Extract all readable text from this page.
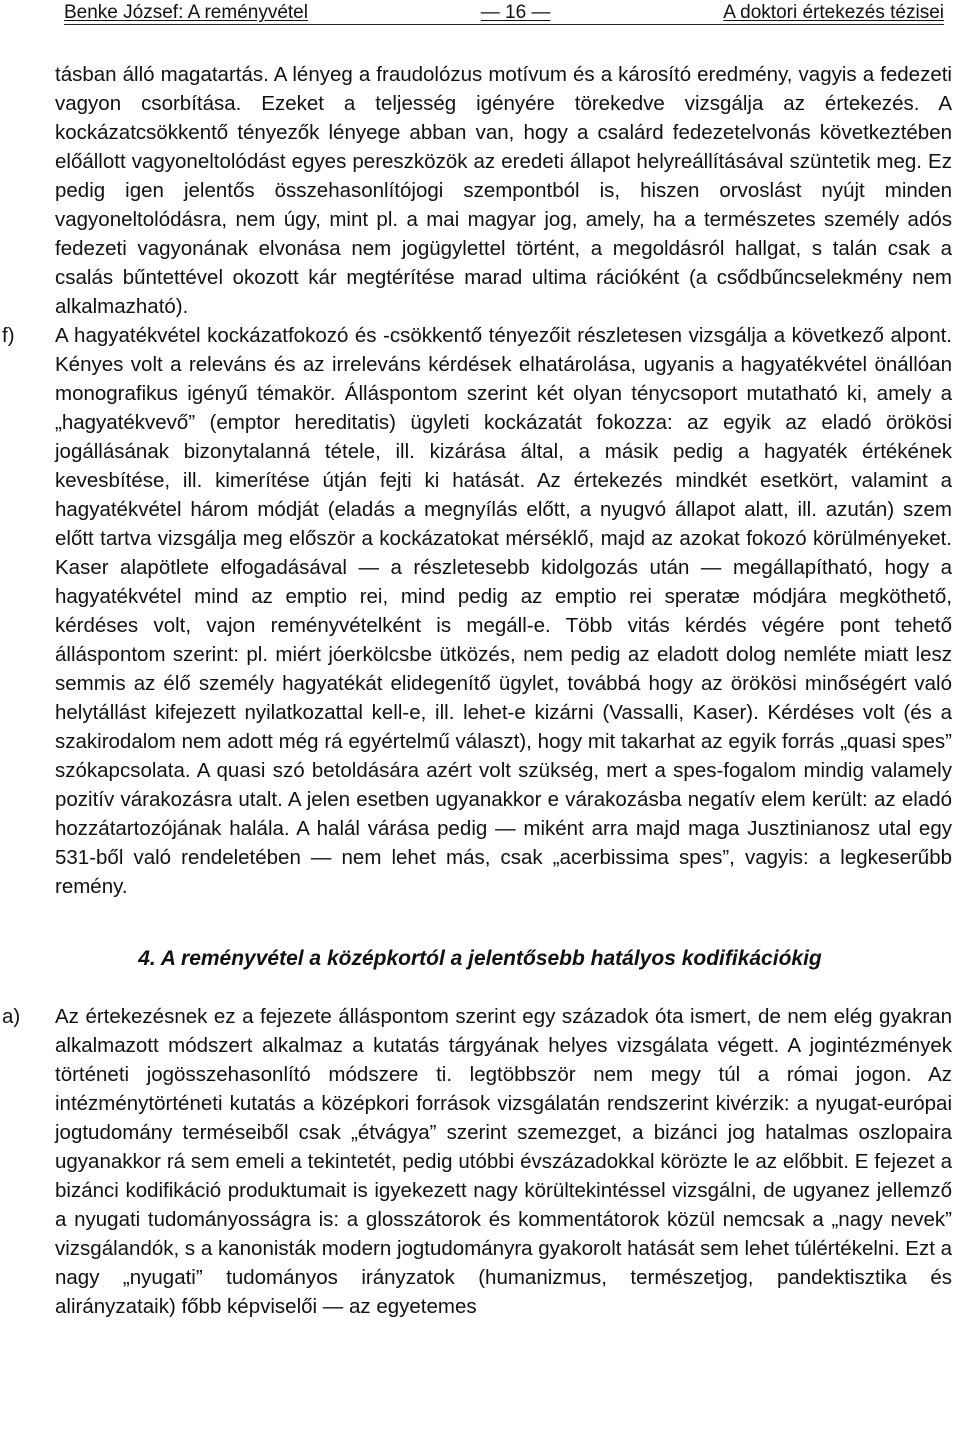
Benke József: A reményvétel	— 16 —	A doktori értekezés tézisei

tásban álló magatartás. A lényeg a fraudolózus motívum és a károsító eredmény, vagyis a fedezeti vagyon csorbítása. Ezeket a teljesség igényére törekedve vizsgálja az értekezés. A kockázatcsökkentő tényezők lényege abban van, hogy a csalárd fedezetelvonás következtében előállott vagyoneltolódást egyes pereszközök az eredeti állapot helyreállításával szüntetik meg. Ez pedig igen jelentős összehasonlítójogi szempontból is, hiszen orvoslást nyújt minden vagyoneltolódásra, nem úgy, mint pl. a mai magyar jog, amely, ha a természetes személy adós fedezeti vagyonának elvonása nem jogügylettel történt, a megoldásról hallgat, s talán csak a csalás bűntettével okozott kár megtérítése marad ultima rációként (a csődbűncselekmény nem alkalmazható).

f) A hagyatékvétel kockázatfokozó és -csökkentő tényezőit részletesen vizsgálja a következő alpont. Kényes volt a releváns és az irreleváns kérdések elhatárolása, ugyanis a hagyatékvétel önállóan monografikus igényű témakör. Álláspontom szerint két olyan ténycsoport mutatható ki, amely a „hagyatékvevő” (emptor hereditatis) ügyleti kockázatát fokozza: az egyik az eladó örökösi jogállásának bizonytalanná tétele, ill. kizárása által, a másik pedig a hagyaték értékének kevesbítése, ill. kimerítése útján fejti ki hatását. Az értekezés mindkét esetkört, valamint a hagyatékvétel három módját (eladás a megnyílás előtt, a nyugvó állapot alatt, ill. azután) szem előtt tartva vizsgálja meg először a kockázatokat mérséklő, majd az azokat fokozó körülményeket. Kaser alapötlete elfogadásával — a részletesebb kidolgozás után — megállapítható, hogy a hagyatékvétel mind az emptio rei, mind pedig az emptio rei speratæ módjára megköthető, kérdéses volt, vajon reményvételként is megáll-e. Több vitás kérdés végére pont tehető álláspontom szerint: pl. miért jóerkölcsbe ütközés, nem pedig az eladott dolog nemléte miatt lesz semmis az élő személy hagyatékát elidegenítő ügylet, továbbá hogy az örökösi minőségért való helytállást kifejezett nyilatkozattal kell-e, ill. lehet-e kizárni (Vassalli, Kaser). Kérdéses volt (és a szakirodalom nem adott még rá egyértelmű választ), hogy mit takarhat az egyik forrás „quasi spes” szókapcsolata. A quasi szó betoldására azért volt szükség, mert a spes-fogalom mindig valamely pozitív várakozásra utalt. A jelen esetben ugyanakkor e várakozásba negatív elem került: az eladó hozzátartozójának halála. A halál várása pedig — miként arra majd maga Jusztinianosz utal egy 531-ből való rendeletében — nem lehet más, csak „acerbissima spes”, vagyis: a legkeserűbb remény.
4. A reményvétel a középkortól a jelentősebb hatályos kodifikációkig
a) Az értekezésnek ez a fejezete álláspontom szerint egy századok óta ismert, de nem elég gyakran alkalmazott módszert alkalmaz a kutatás tárgyának helyes vizsgálata végett. A jogintézmények történeti jogösszehasonlító módszere ti. legtöbbször nem megy túl a római jogon. Az intézménytörténeti kutatás a középkori források vizsgálatán rendszerint kivérzik: a nyugat-európai jogtudomány terméseiből csak „étvágya” szerint szemezget, a bizánci jog hatalmas oszlopaira ugyanakkor rá sem emeli a tekintetét, pedig utóbbi évszázadokkal körözte le az előbbit. E fejezet a bizánci kodifikáció produktumait is igyekezett nagy körültekintéssel vizsgálni, de ugyanez jellemző a nyugati tudományosságra is: a glosszátorok és kommentátorok közül nemcsak a „nagy nevek” vizsgálandók, s a kanonisták modern jogtudományra gyakorolt hatását sem lehet túlértékelni. Ezt a nagy „nyugati” tudományos irányzatok (humanizmus, természetjog, pandektisztika és alirányzataik) főbb képviselői — az egyetemes
